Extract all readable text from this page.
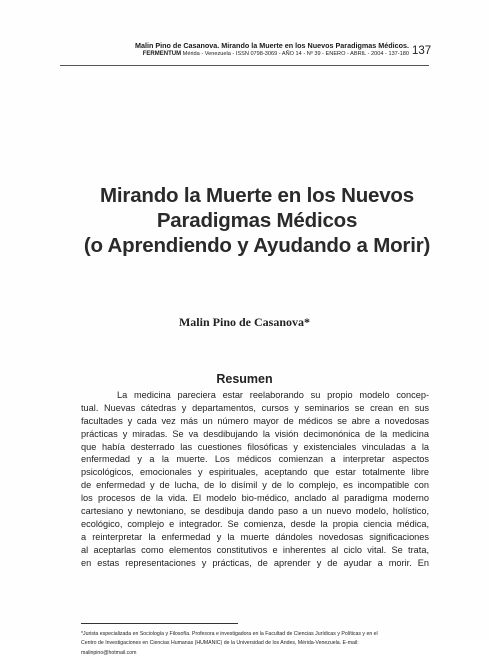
Malin Pino de Casanova. Mirando la Muerte en los Nuevos Paradigmas Médicos.
FERMENTUM Mérida - Venezuela - ISSN 0798-3069 - AÑO 14 - Nº 39 - ENERO - ABRIL - 2004 - 137-180 137
Mirando la Muerte en los Nuevos
Paradigmas Médicos
(o Aprendiendo y Ayudando a Morir)
Malin Pino de Casanova*
Resumen
La medicina pareciera estar reelaborando su propio modelo concep-
tual. Nuevas cátedras y departamentos, cursos y seminarios se crean en sus
facultades y cada vez más un número mayor de médicos se abre a novedosas
prácticas y miradas. Se va desdibujando la visión decimonónica de la medicina
que había desterrado las cuestiones filosóficas y existenciales vinculadas a la
enfermedad y a la muerte. Los médicos comienzan a interpretar aspectos
psicológicos, emocionales y espirituales, aceptando que estar totalmente libre
de enfermedad y de lucha, de lo disímil y de lo complejo, es incompatible con
los procesos de la vida. El modelo bio-médico, anclado al paradigma moderno
cartesiano y newtoniano, se desdibuja dando paso a un nuevo modelo, holístico,
ecológico, complejo e integrador. Se comienza, desde la propia ciencia médica,
a reinterpretar la enfermedad y la muerte dándoles novedosas significaciones
al aceptarlas como elementos constitutivos e inherentes al ciclo vital. Se trata,
en estas representaciones y prácticas, de aprender y de ayudar a morir. En
*Jurista especializada en Sociología y Filosofía. Profesora e investigadora en la Facultad de Ciencias Jurídicas y Políticas y en el
Centro de Investigaciones en Ciencias Humanas (HUMANIC) de la Universidad de los Andes, Mérida-Venezuela. E-mail:
malinpino@hotmail.com
